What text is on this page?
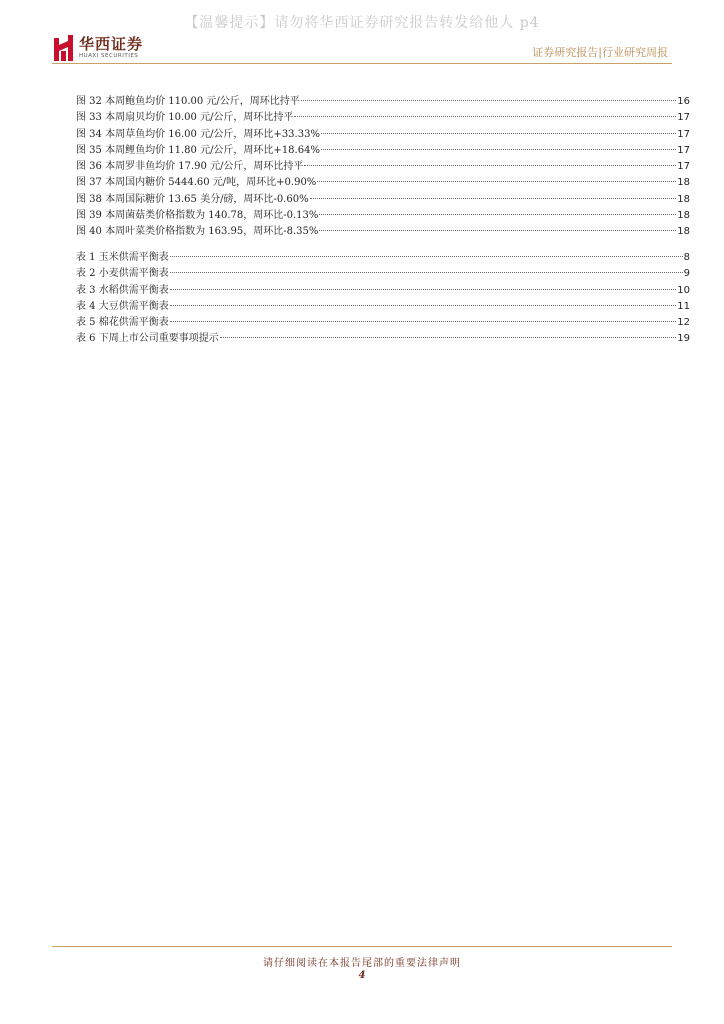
【温馨提示】请勿将华西证券研究报告转发给他人 p4
华西证券
HUAXI SECURITIES	证券研究报告|行业研究周报
图 32 本周鲍鱼均价 110.00 元/公斤，周环比持平	16
图 33 本周扇贝均价 10.00 元/公斤，周环比持平	17
图 34 本周草鱼均价 16.00 元/公斤，周环比+33.33%	17
图 35 本周鲤鱼均价 11.80 元/公斤，周环比+18.64%	17
图 36 本周罗非鱼均价 17.90 元/公斤，周环比持平	17
图 37 本周国内糖价 5444.60 元/吨，周环比+0.90%	18
图 38 本周国际糖价 13.65 美分/磅，周环比-0.60%	18
图 39 本周菌菇类价格指数为 140.78，周环比-0.13%	18
图 40 本周叶菜类价格指数为 163.95，周环比-8.35%	18
表 1 玉米供需平衡表	8
表 2 小麦供需平衡表	9
表 3 水稻供需平衡表	10
表 4 大豆供需平衡表	11
表 5 棉花供需平衡表	12
表 6 下周上市公司重要事项提示	19
请仔细阅读在本报告尾部的重要法律声明
4
